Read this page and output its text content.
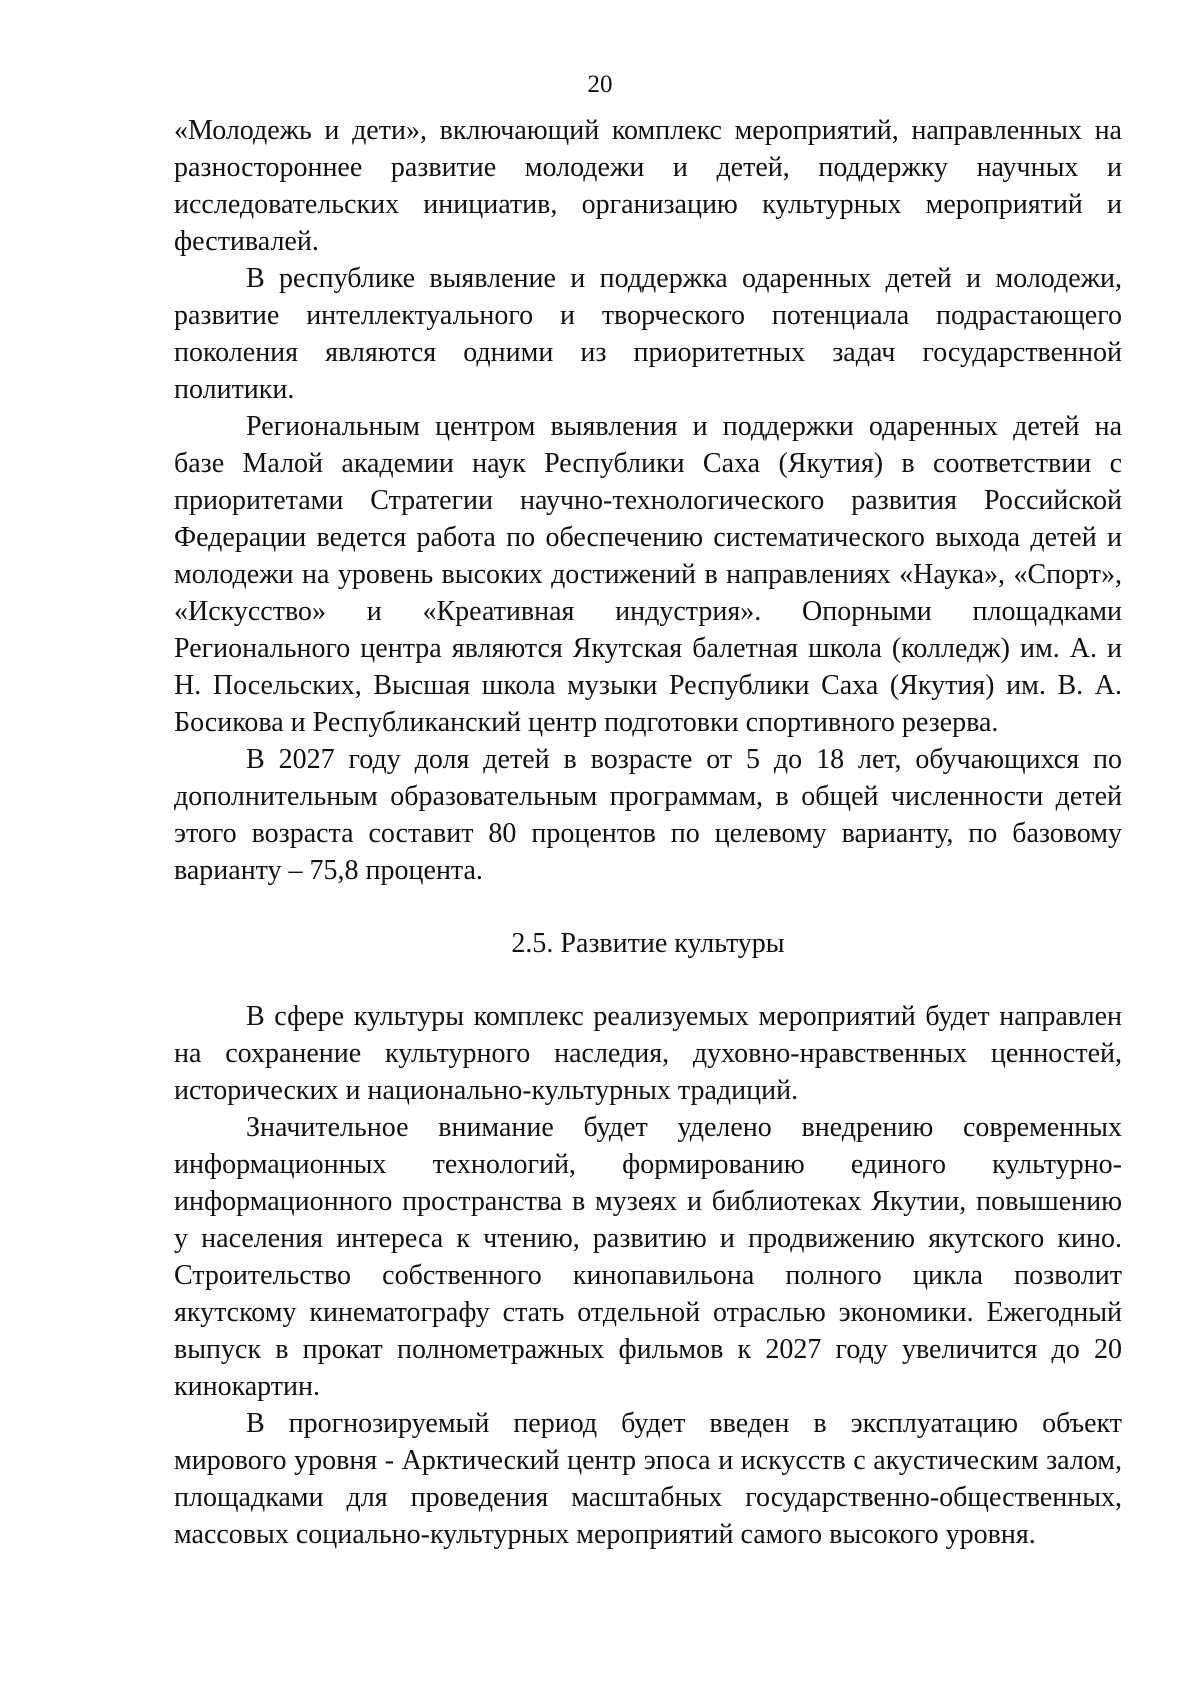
20

«Молодежь и дети», включающий комплекс мероприятий, направленных на разностороннее развитие молодежи и детей, поддержку научных и исследовательских инициатив, организацию культурных мероприятий и фестивалей.

В республике выявление и поддержка одаренных детей и молодежи, развитие интеллектуального и творческого потенциала подрастающего поколения являются одними из приоритетных задач государственной политики.

Региональным центром выявления и поддержки одаренных детей на базе Малой академии наук Республики Саха (Якутия) в соответствии с приоритетами Стратегии научно-технологического развития Российской Федерации ведется работа по обеспечению систематического выхода детей и молодежи на уровень высоких достижений в направлениях «Наука», «Спорт», «Искусство» и «Креативная индустрия». Опорными площадками Регионального центра являются Якутская балетная школа (колледж) им. А. и Н. Посельских, Высшая школа музыки Республики Саха (Якутия) им. В. А. Босикова и Республиканский центр подготовки спортивного резерва.

В 2027 году доля детей в возрасте от 5 до 18 лет, обучающихся по дополнительным образовательным программам, в общей численности детей этого возраста составит 80 процентов по целевому варианту, по базовому варианту – 75,8 процента.

2.5. Развитие культуры

В сфере культуры комплекс реализуемых мероприятий будет направлен на сохранение культурного наследия, духовно-нравственных ценностей, исторических и национально-культурных традиций.

Значительное внимание будет уделено внедрению современных информационных технологий, формированию единого культурно-информационного пространства в музеях и библиотеках Якутии, повышению у населения интереса к чтению, развитию и продвижению якутского кино. Строительство собственного кинопавильона полного цикла позволит якутскому кинематографу стать отдельной отраслью экономики. Ежегодный выпуск в прокат полнометражных фильмов к 2027 году увеличится до 20 кинокартин.

В прогнозируемый период будет введен в эксплуатацию объект мирового уровня - Арктический центр эпоса и искусств с акустическим залом, площадками для проведения масштабных государственно-общественных, массовых социально-культурных мероприятий самого высокого уровня.
